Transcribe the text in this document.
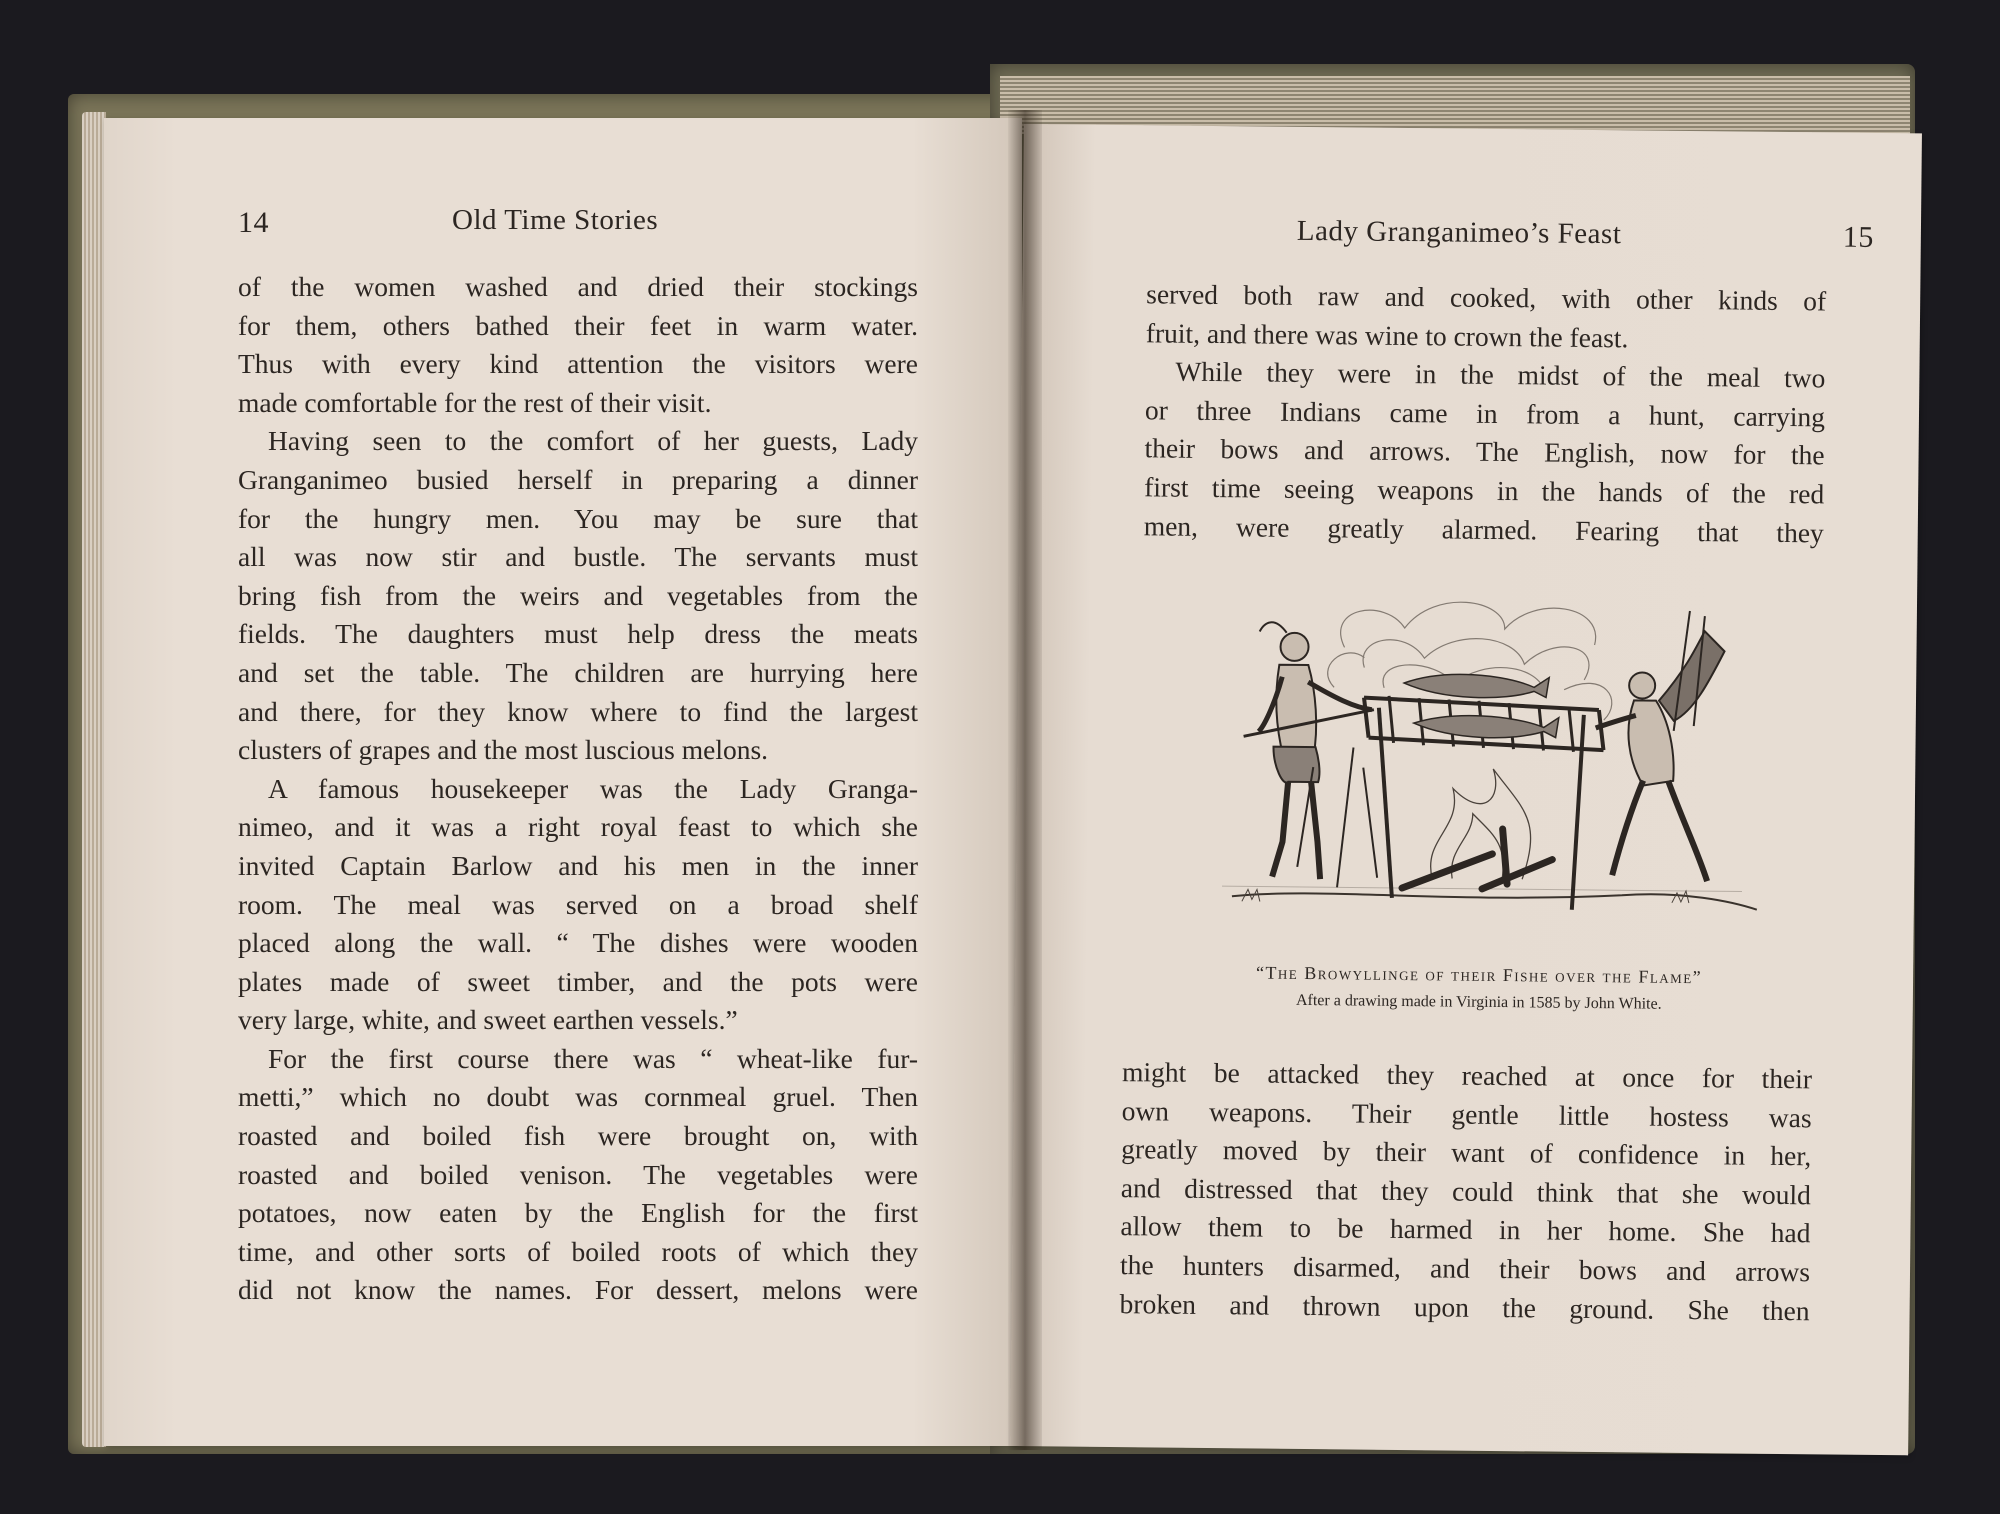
14	Old Time Stories
of the women washed and dried their stockings
for them, others bathed their feet in warm water.
Thus with every kind attention the visitors were
made comfortable for the rest of their visit.
Having seen to the comfort of her guests, Lady
Granganimeo busied herself in preparing a dinner
for the hungry men. You may be sure that
all was now stir and bustle. The servants must
bring fish from the weirs and vegetables from the
fields. The daughters must help dress the meats
and set the table. The children are hurrying here
and there, for they know where to find the largest
clusters of grapes and the most luscious melons.
A famous housekeeper was the Lady Granga-
nimeo, and it was a right royal feast to which she
invited Captain Barlow and his men in the inner
room. The meal was served on a broad shelf
placed along the wall. “ The dishes were wooden
plates made of sweet timber, and the pots were
very large, white, and sweet earthen vessels.”
For the first course there was “ wheat-like fur-
metti,” which no doubt was cornmeal gruel. Then
roasted and boiled fish were brought on, with
roasted and boiled venison. The vegetables were
potatoes, now eaten by the English for the first
time, and other sorts of boiled roots of which they
did not know the names. For dessert, melons were
Lady Granganimeo’s Feast	15
served both raw and cooked, with other kinds of
fruit, and there was wine to crown the feast.
While they were in the midst of the meal two
or three Indians came in from a hunt, carrying
their bows and arrows. The English, now for the
first time seeing weapons in the hands of the red
men, were greatly alarmed. Fearing that they
“The Browyllinge of their Fishe over the Flame”
After a drawing made in Virginia in 1585 by John White.
might be attacked they reached at once for their
own weapons. Their gentle little hostess was
greatly moved by their want of confidence in her,
and distressed that they could think that she would
allow them to be harmed in her home. She had
the hunters disarmed, and their bows and arrows
broken and thrown upon the ground. She then
